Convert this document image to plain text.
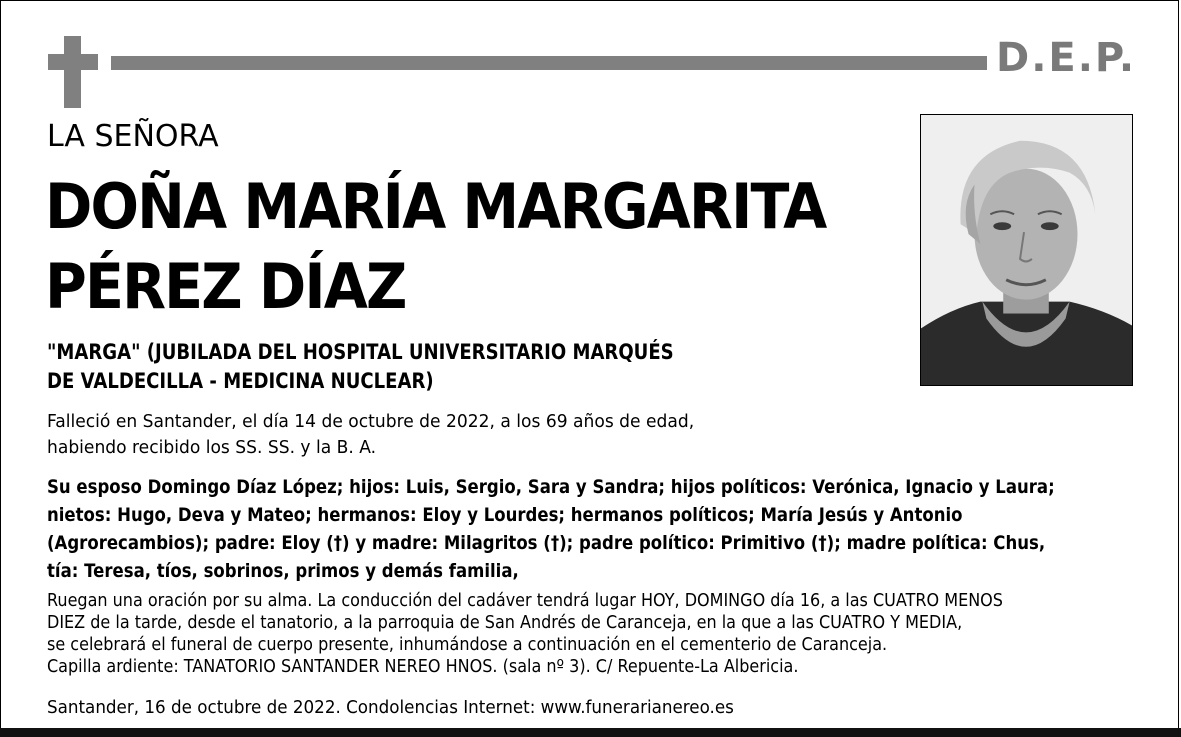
D.E.P.
LA SEÑORA
DOÑA MARÍA MARGARITA
PÉREZ DÍAZ
"MARGA" (JUBILADA DEL HOSPITAL UNIVERSITARIO MARQUÉS
DE VALDECILLA - MEDICINA NUCLEAR)
Falleció en Santander, el día 14 de octubre de 2022, a los 69 años de edad,
habiendo recibido los SS. SS. y la B. A.
Su esposo Domingo Díaz López; hijos: Luis, Sergio, Sara y Sandra; hijos políticos: Verónica, Ignacio y Laura;
nietos: Hugo, Deva y Mateo; hermanos: Eloy y Lourdes; hermanos políticos; María Jesús y Antonio
(Agrorecambios); padre: Eloy (†) y madre: Milagritos (†); padre político: Primitivo (†); madre política: Chus,
tía: Teresa, tíos, sobrinos, primos y demás familia,
Ruegan una oración por su alma. La conducción del cadáver tendrá lugar HOY, DOMINGO día 16, a las CUATRO MENOS
DIEZ de la tarde, desde el tanatorio, a la parroquia de San Andrés de Caranceja, en la que a las CUATRO Y MEDIA,
se celebrará el funeral de cuerpo presente, inhumándose a continuación en el cementerio de Caranceja.
Capilla ardiente: TANATORIO SANTANDER NEREO HNOS. (sala nº 3). C/ Repuente-La Albericia.
Santander, 16 de octubre de 2022. Condolencias Internet: www.funerarianereo.es
